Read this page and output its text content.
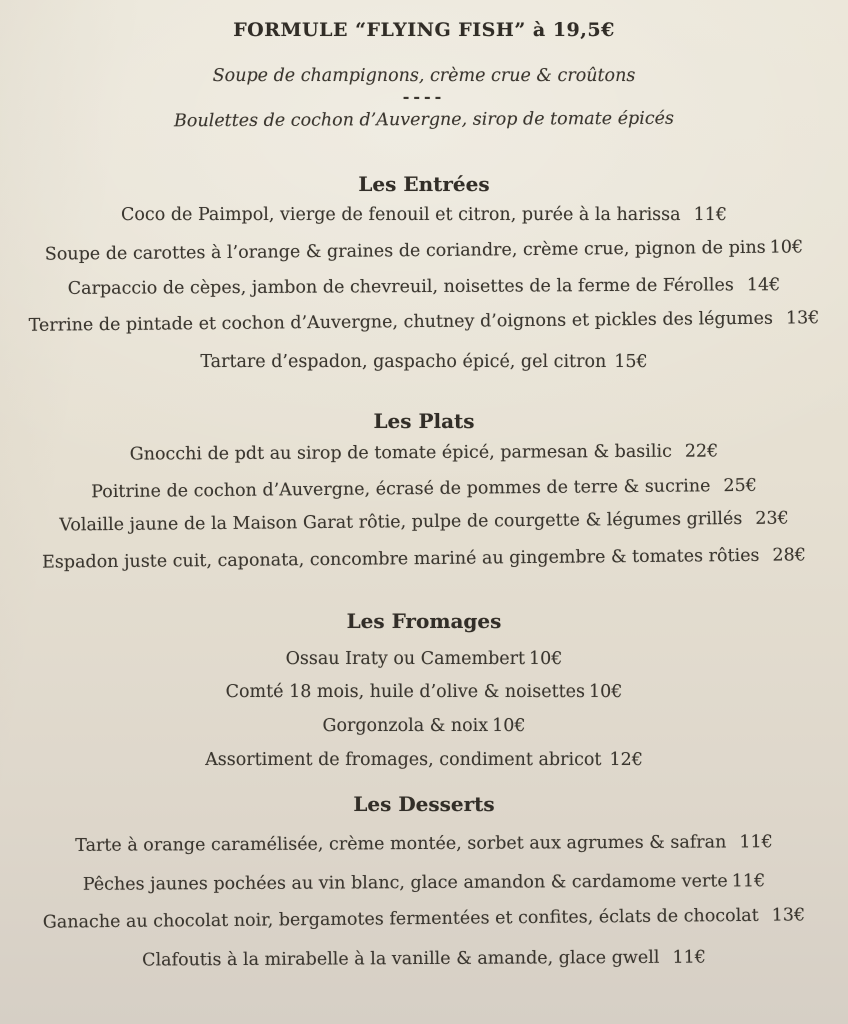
FORMULE “FLYING FISH” à 19,5€
Soupe de champignons, crème crue & croûtons
----
Boulettes de cochon d’Auvergne, sirop de tomate épicés
Les Entrées
Coco de Paimpol, vierge de fenouil et citron, purée à la harissa 11€
Soupe de carottes à l’orange & graines de coriandre, crème crue, pignon de pins 10€
Carpaccio de cèpes, jambon de chevreuil, noisettes de la ferme de Férolles 14€
Terrine de pintade et cochon d’Auvergne, chutney d’oignons et pickles des légumes 13€
Tartare d’espadon, gaspacho épicé, gel citron 15€
Les Plats
Gnocchi de pdt au sirop de tomate épicé, parmesan & basilic 22€
Poitrine de cochon d’Auvergne, écrasé de pommes de terre & sucrine 25€
Volaille jaune de la Maison Garat rôtie, pulpe de courgette & légumes grillés 23€
Espadon juste cuit, caponata, concombre mariné au gingembre & tomates rôties 28€
Les Fromages
Ossau Iraty ou Camembert 10€
Comté 18 mois, huile d’olive & noisettes 10€
Gorgonzola & noix 10€
Assortiment de fromages, condiment abricot 12€
Les Desserts
Tarte à orange caramélisée, crème montée, sorbet aux agrumes & safran 11€
Pêches jaunes pochées au vin blanc, glace amandon & cardamome verte 11€
Ganache au chocolat noir, bergamotes fermentées et confites, éclats de chocolat 13€
Clafoutis à la mirabelle à la vanille & amande, glace gwell 11€
